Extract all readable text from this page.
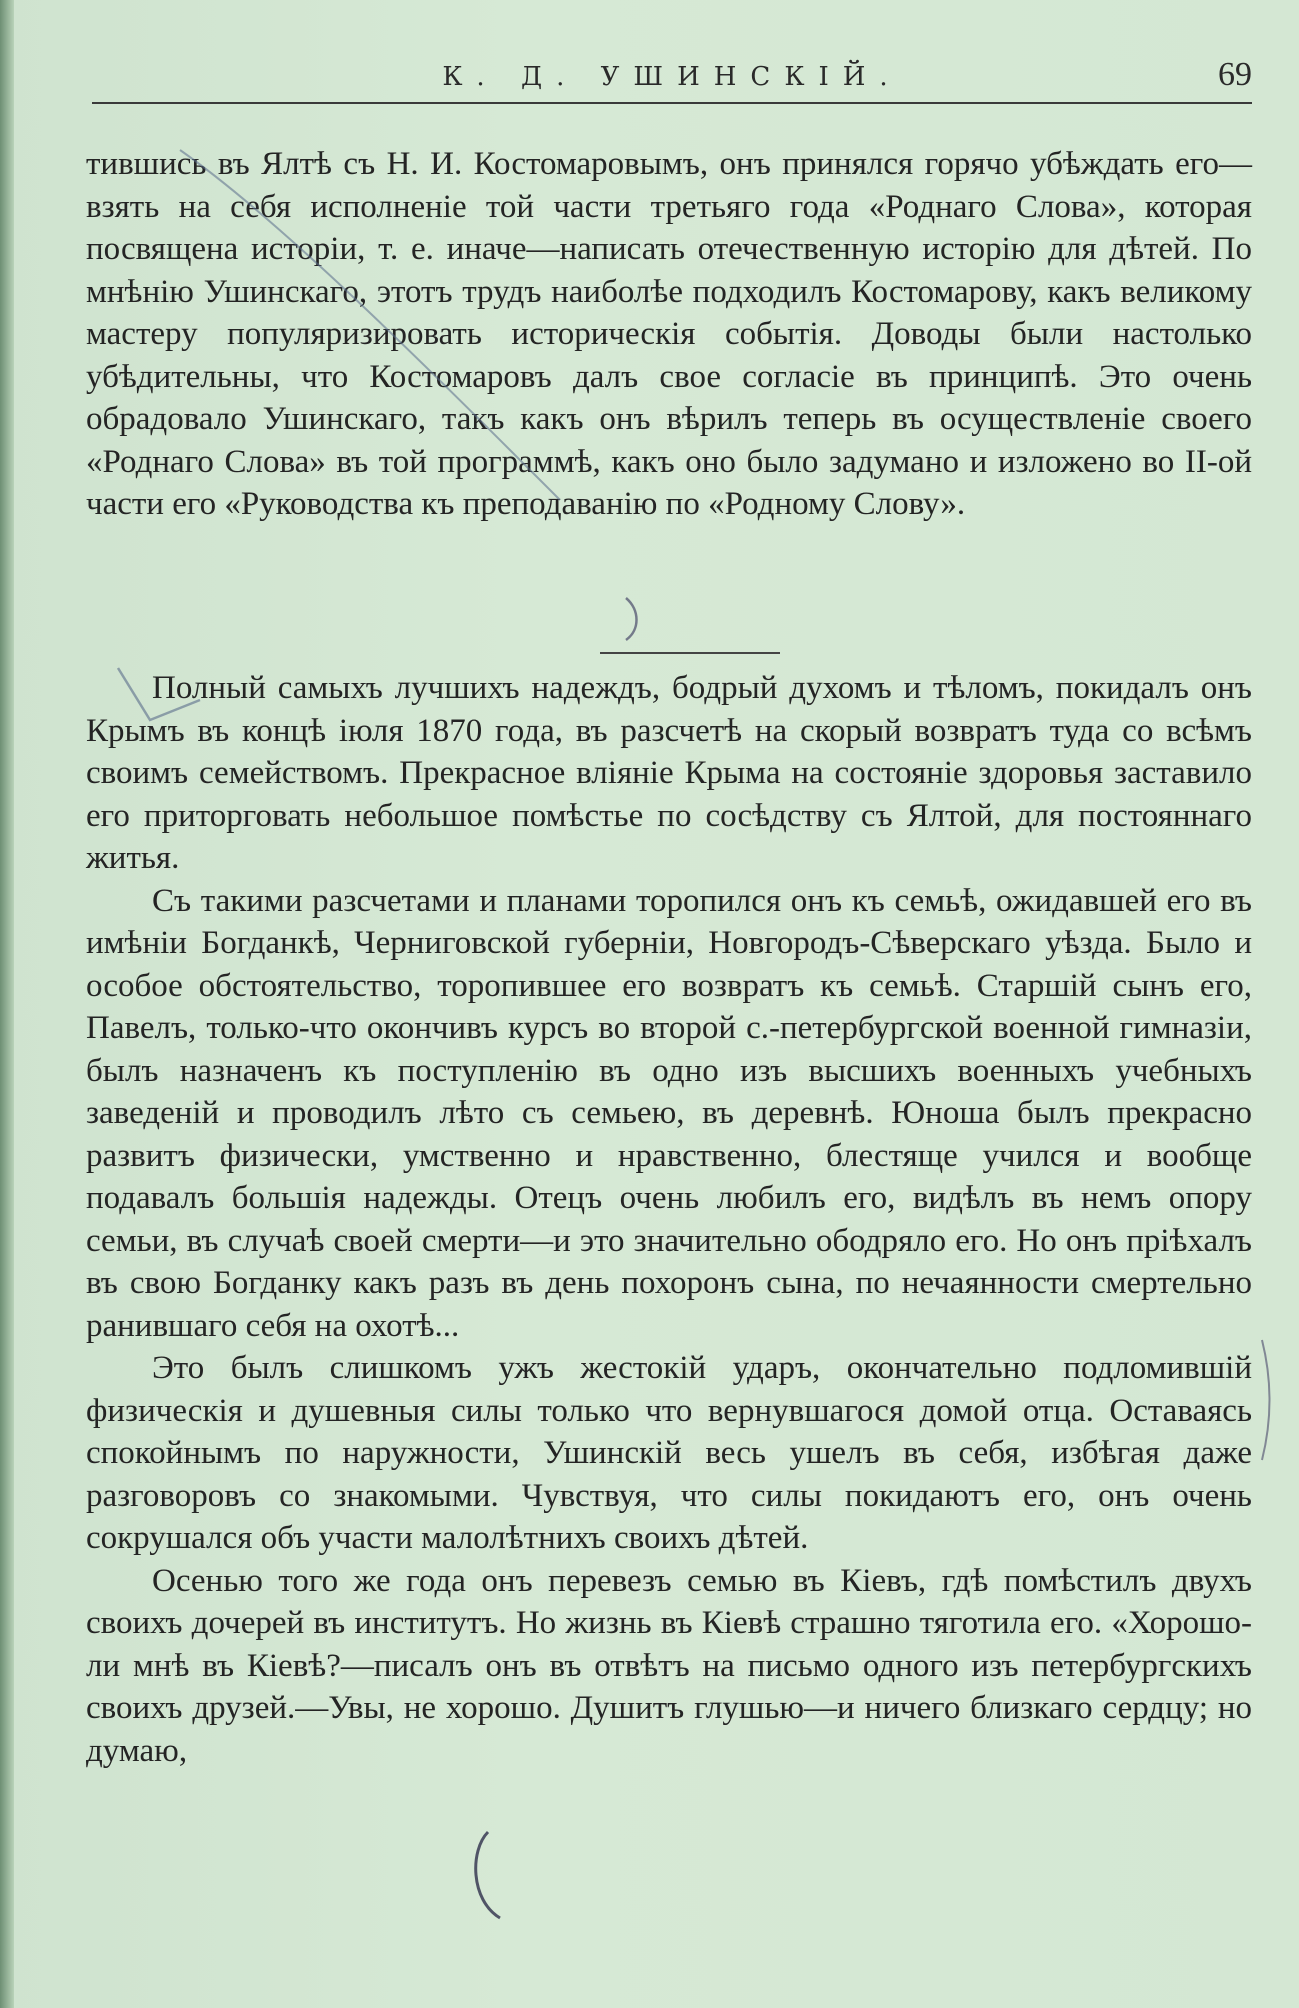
К. Д. УШИНСКІЙ.	69

тившись въ Ялтѣ съ Н. И. Костомаровымъ, онъ принялся горячо убѣждать его—взять на себя исполненіе той части третьяго года «Роднаго Слова», которая посвящена исторіи, т. е. иначе—написать отечественную исторію для дѣтей. По мнѣнію Ушинскаго, этотъ трудъ наиболѣе подходилъ Костомарову, какъ великому мастеру популяризировать историческія событія. Доводы были настолько убѣдительны, что Костомаровъ далъ свое согласіе въ принципѣ. Это очень обрадовало Ушинскаго, такъ какъ онъ вѣрилъ теперь въ осуществленіе своего «Роднаго Слова» въ той программѣ, какъ оно было задумано и изложено во II-ой части его «Руководства къ преподаванію по «Родному Слову».

Полный самыхъ лучшихъ надеждъ, бодрый духомъ и тѣломъ, покидалъ онъ Крымъ въ концѣ іюля 1870 года, въ разсчетѣ на скорый возвратъ туда со всѣмъ своимъ семействомъ. Прекрасное вліяніе Крыма на состояніе здоровья заставило его приторговать небольшое помѣстье по сосѣдству съ Ялтой, для постояннаго житья.

Съ такими разсчетами и планами торопился онъ къ семьѣ, ожидавшей его въ имѣніи Богданкѣ, Черниговской губерніи, Новгородъ-Сѣверскаго уѣзда. Было и особое обстоятельство, торопившее его возвратъ къ семьѣ. Старшій сынъ его, Павелъ, только-что окончивъ курсъ во второй с.-петербургской военной гимназіи, былъ назначенъ къ поступленію въ одно изъ высшихъ военныхъ учебныхъ заведеній и проводилъ лѣто съ семьею, въ деревнѣ. Юноша былъ прекрасно развитъ физически, умственно и нравственно, блестяще учился и вообще подавалъ большія надежды. Отецъ очень любилъ его, видѣлъ въ немъ опору семьи, въ случаѣ своей смерти—и это значительно ободряло его. Но онъ пріѣхалъ въ свою Богданку какъ разъ въ день похоронъ сына, по нечаянности смертельно ранившаго себя на охотѣ...

Это былъ слишкомъ ужъ жестокій ударъ, окончательно подломившій физическія и душевныя силы только что вернувшагося домой отца. Оставаясь спокойнымъ по наружности, Ушинскій весь ушелъ въ себя, избѣгая даже разговоровъ со знакомыми. Чувствуя, что силы покидаютъ его, онъ очень сокрушался объ участи малолѣтнихъ своихъ дѣтей.

Осенью того же года онъ перевезъ семью въ Кіевъ, гдѣ помѣстилъ двухъ своихъ дочерей въ институтъ. Но жизнь въ Кіевѣ страшно тяготила его. «Хорошо-ли мнѣ въ Кіевѣ?—писалъ онъ въ отвѣтъ на письмо одного изъ петербургскихъ своихъ друзей.—Увы, не хорошо. Душитъ глушью—и ничего близкаго сердцу; но думаю,
